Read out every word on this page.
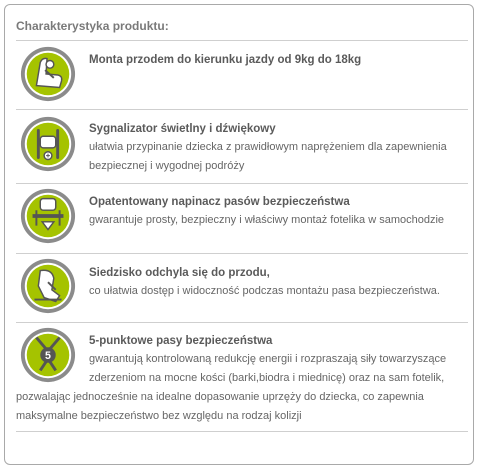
Charakterystyka produktu:
Monta przodem do kierunku jazdy od 9kg do 18kg
Sygnalizator świetlny i dźwiękowy
ułatwia przypinanie dziecka z prawidłowym naprężeniem dla zapewnienia
bezpiecznej i wygodnej podróży
Opatentowany napinacz pasów bezpieczeństwa
gwarantuje prosty, bezpieczny i właściwy montaż fotelika w samochodzie
Siedzisko odchyla się do przodu,
co ułatwia dostęp i widoczność podczas montażu pasa bezpieczeństwa.
5
5-punktowe pasy bezpieczeństwa
gwarantują kontrolowaną redukcję energii i rozpraszają siły towarzyszące
zderzeniom na mocne kości (barki,biodra i miednicę) oraz na sam fotelik,
pozwalając jednocześnie na idealne dopasowanie uprzęży do dziecka, co zapewnia
maksymalne bezpieczeństwo bez względu na rodzaj kolizji
